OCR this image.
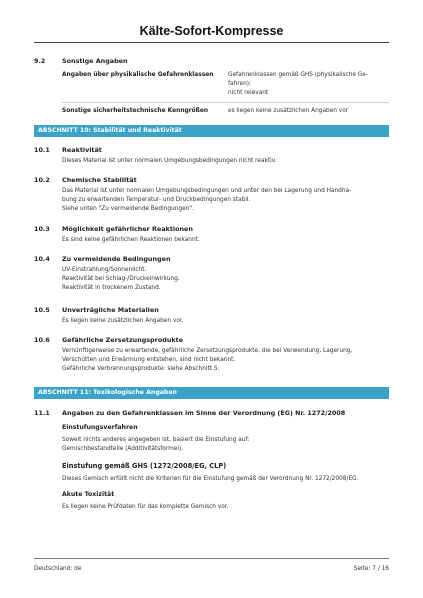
Kälte-Sofort-Kompresse
9.2	Sonstige Angaben
Angaben über physikalische Gefahrenklassen	Gefahrenklassen gemäß GHS (physikalische Ge-
fahren):
nicht relevant
Sonstige sicherheitstechnische Kenngrößen	es liegen keine zusätzlichen Angaben vor
ABSCHNITT 10: Stabilität und Reaktivität
10.1 Reaktivität
Dieses Material ist unter normalen Umgebungsbedingungen nicht reaktiv.
10.2 Chemische Stabilität
Das Material ist unter normalen Umgebungsbedingungen und unter den bei Lagerung und Handha-
bung zu erwartenden Temperatur- und Druckbedingungen stabil.
Siehe unten "Zu vermeidende Bedingungen".
10.3 Möglichkeit gefährlicher Reaktionen
Es sind keine gefährlichen Reaktionen bekannt.
10.4 Zu vermeidende Bedingungen
UV-Einstrahlung/Sonnenlicht.
Reaktivität bei Schlag-/Druckeinwirkung.
Reaktivität in trockenem Zustand.
10.5 Unverträgliche Materialien
Es liegen keine zusätzlichen Angaben vor.
10.6 Gefährliche Zersetzungsprodukte
Vernünftigerweise zu erwartende, gefährliche Zersetzungsprodukte, die bei Verwendung, Lagerung,
Verschütten und Erwärmung entstehen, sind nicht bekannt.
Gefährliche Verbrennungsprodukte: siehe Abschnitt 5.
ABSCHNITT 11: Toxikologische Angaben
11.1 Angaben zu den Gefahrenklassen im Sinne der Verordnung (EG) Nr. 1272/2008
Einstufungsverfahren
Soweit nichts anderes angegeben ist, basiert die Einstufung auf:
Gemischbestandteile (Additivitätsformel).
Einstufung gemäß GHS (1272/2008/EG, CLP)
Dieses Gemisch erfüllt nicht die Kriterien für die Einstufung gemäß der Verordnung Nr. 1272/2008/EG.
Akute Toxizität
Es liegen keine Prüfdaten für das komplette Gemisch vor.
Deutschland: de	Seite: 7 / 16
